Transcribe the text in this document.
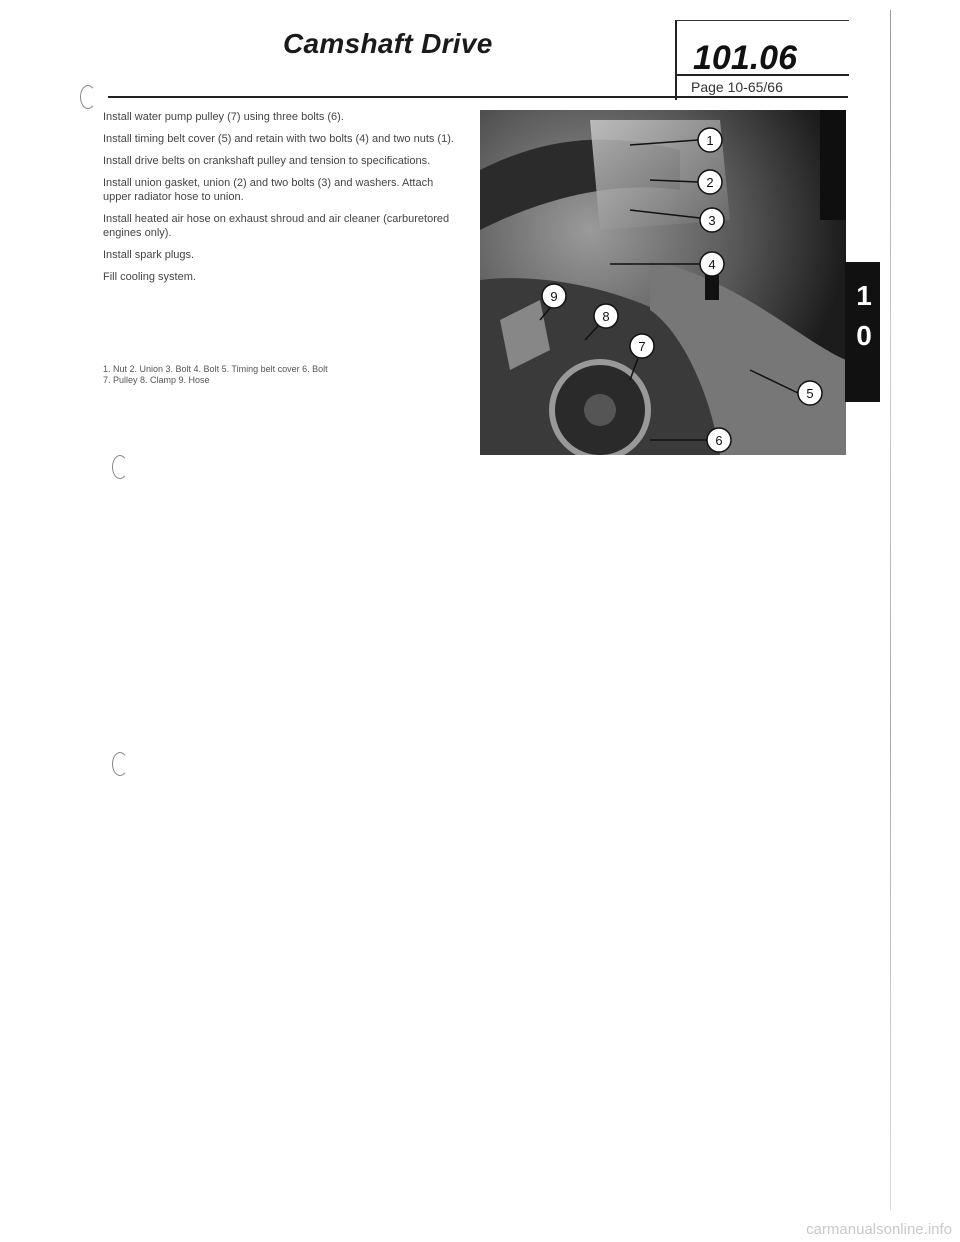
Camshaft Drive	101.06
Page 10-65/66

Install water pump pulley (7) using three bolts (6).

Install timing belt cover (5) and retain with two bolts (4) and two nuts (1).

Install drive belts on crankshaft pulley and tension to specifications.

Install union gasket, union (2) and two bolts (3) and washers. Attach upper radiator hose to union.

Install heated air hose on exhaust shroud and air cleaner (carburetored engines only).

Install spark plugs.

Fill cooling system.

1. Nut 2. Union 3. Bolt 4. Bolt 5. Timing belt cover 6. Bolt
7. Pulley 8. Clamp 9. Hose
1
2
3
4
5
6
7
8
9	1
0
carmanualsonline.info
